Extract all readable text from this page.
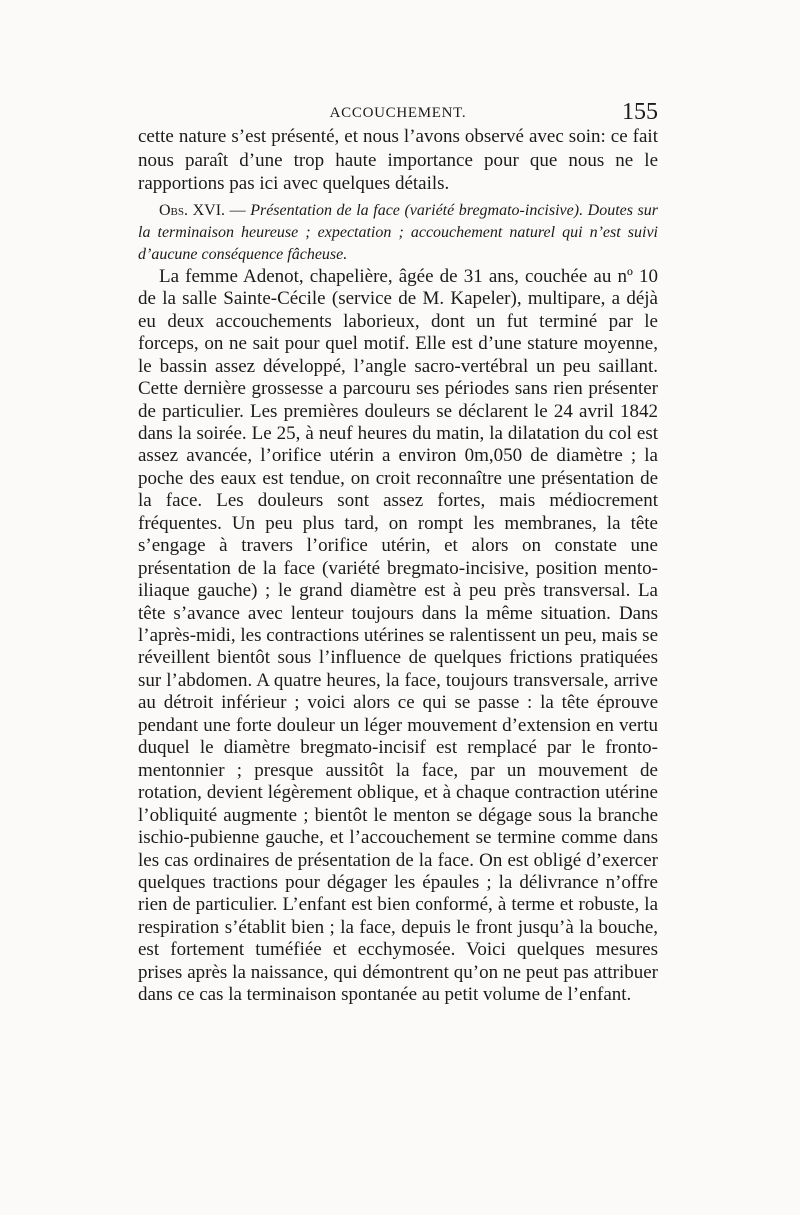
ACCOUCHEMENT.	155

cette nature s’est présenté, et nous l’avons observé avec soin: ce fait nous paraît d’une trop haute importance pour que nous ne le rapportions pas ici avec quelques détails.

Obs. XVI. — Présentation de la face (variété bregmato-incisive). Doutes sur la terminaison heureuse ; expectation ; accouchement naturel qui n’est suivi d’aucune conséquence fâcheuse.

La femme Adenot, chapelière, âgée de 31 ans, couchée au nº 10 de la salle Sainte-Cécile (service de M. Kapeler), multipare, a déjà eu deux accouchements laborieux, dont un fut terminé par le forceps, on ne sait pour quel motif. Elle est d’une stature moyenne, le bassin assez développé, l’angle sacro-vertébral un peu saillant. Cette dernière grossesse a parcouru ses périodes sans rien présenter de particulier. Les premières douleurs se déclarent le 24 avril 1842 dans la soirée. Le 25, à neuf heures du matin, la dilatation du col est assez avancée, l’orifice utérin a environ 0m,050 de diamètre ; la poche des eaux est tendue, on croit reconnaître une présentation de la face. Les douleurs sont assez fortes, mais médiocrement fréquentes. Un peu plus tard, on rompt les membranes, la tête s’engage à travers l’orifice utérin, et alors on constate une présentation de la face (variété bregmato-incisive, position mento-iliaque gauche) ; le grand diamètre est à peu près transversal. La tête s’avance avec lenteur toujours dans la même situation. Dans l’après-midi, les contractions utérines se ralentissent un peu, mais se réveillent bientôt sous l’influence de quelques frictions pratiquées sur l’abdomen. A quatre heures, la face, toujours transversale, arrive au détroit inférieur ; voici alors ce qui se passe : la tête éprouve pendant une forte douleur un léger mouvement d’extension en vertu duquel le diamètre bregmato-incisif est remplacé par le fronto-mentonnier ; presque aussitôt la face, par un mouvement de rotation, devient légèrement oblique, et à chaque contraction utérine l’obliquité augmente ; bientôt le menton se dégage sous la branche ischio-pubienne gauche, et l’accouchement se termine comme dans les cas ordinaires de présentation de la face. On est obligé d’exercer quelques tractions pour dégager les épaules ; la délivrance n’offre rien de particulier. L’enfant est bien conformé, à terme et robuste, la respiration s’établit bien ; la face, depuis le front jusqu’à la bouche, est fortement tuméfiée et ecchymosée. Voici quelques mesures prises après la naissance, qui démontrent qu’on ne peut pas attribuer dans ce cas la terminaison spontanée au petit volume de l’enfant.
